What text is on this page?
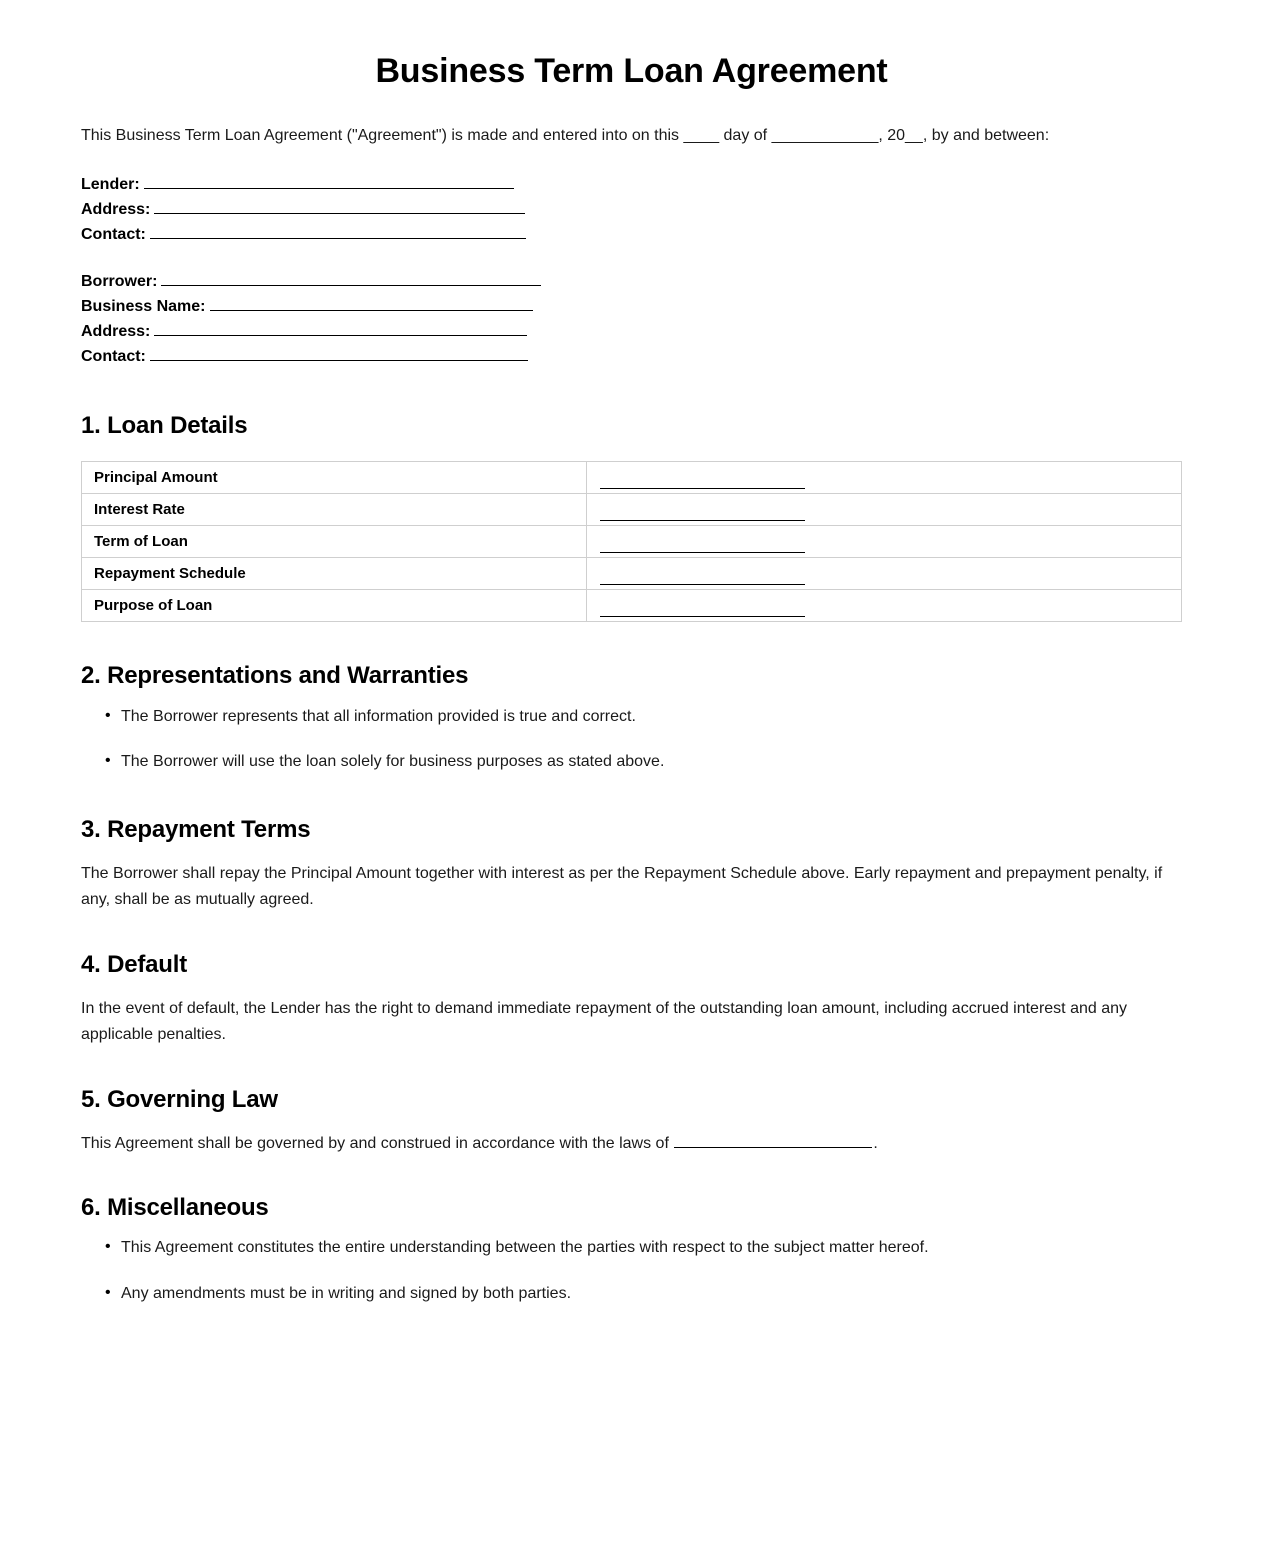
Business Term Loan Agreement

This Business Term Loan Agreement ("Agreement") is made and entered into on this ____ day of ____________, 20__, by and between:

Lender:
Address:
Contact:
Borrower:
Business Name:
Address:
Contact:
1. Loan Details
Principal Amount	
Interest Rate	
Term of Loan	
Repayment Schedule	
Purpose of Loan	
2. Representations and Warranties
• The Borrower represents that all information provided is true and correct.
• The Borrower will use the loan solely for business purposes as stated above.
3. Repayment Terms

The Borrower shall repay the Principal Amount together with interest as per the Repayment Schedule above. Early repayment and prepayment penalty, if any, shall be as mutually agreed.

4. Default

In the event of default, the Lender has the right to demand immediate repayment of the outstanding loan amount, including accrued interest and any applicable penalties.

5. Governing Law

This Agreement shall be governed by and construed in accordance with the laws of	.

6. Miscellaneous
• This Agreement constitutes the entire understanding between the parties with respect to the subject matter hereof.
• Any amendments must be in writing and signed by both parties.
